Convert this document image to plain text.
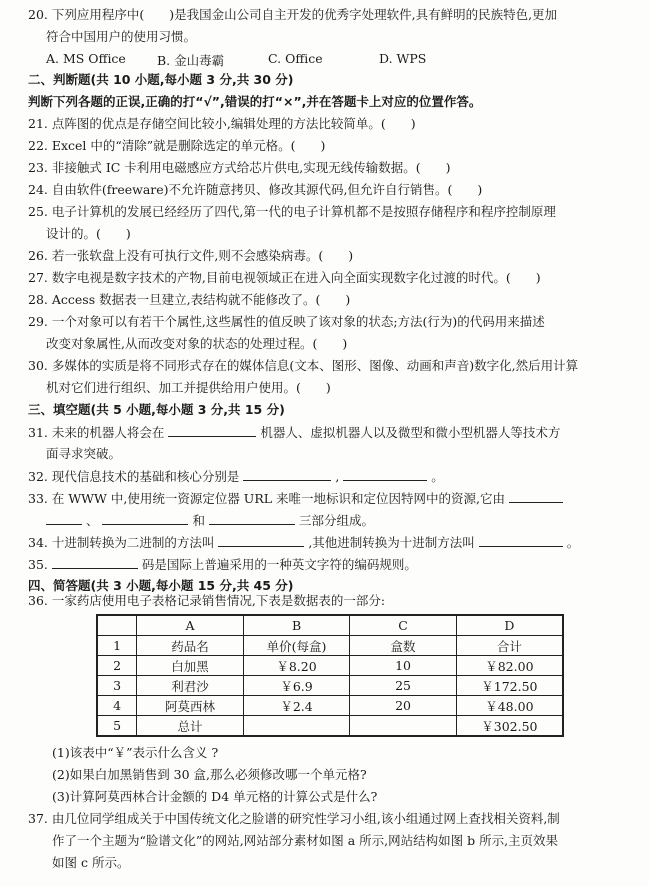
20. 下列应用程序中(　　)是我国金山公司自主开发的优秀字处理软件,具有鲜明的民族特色,更加
符合中国用户的使用习惯。
A. MS Office B. 金山毒霸	C. Office	D. WPS
二、判断题(共 10 小题,每小题 3 分,共 30 分)
判断下列各题的正误,正确的打“√”,错误的打“×”,并在答题卡上对应的位置作答。
21. 点阵图的优点是存储空间比较小,编辑处理的方法比较简单。(　　)
22. Excel 中的“清除”就是删除选定的单元格。(　　)
23. 非接触式 IC 卡利用电磁感应方式给芯片供电,实现无线传输数据。(　　)
24. 自由软件(freeware)不允许随意拷贝、修改其源代码,但允许自行销售。(　　)
25. 电子计算机的发展已经经历了四代,第一代的电子计算机都不是按照存储程序和程序控制原理
设计的。(　　)
26. 若一张软盘上没有可执行文件,则不会感染病毒。(　　)
27. 数字电视是数字技术的产物,目前电视领域正在进入向全面实现数字化过渡的时代。(　　)
28. Access 数据表一旦建立,表结构就不能修改了。(　　)
29. 一个对象可以有若干个属性,这些属性的值反映了该对象的状态;方法(行为)的代码用来描述
改变对象属性,从而改变对象的状态的处理过程。(　　)
30. 多媒体的实质是将不同形式存在的媒体信息(文本、图形、图像、动画和声音)数字化,然后用计算
机对它们进行组织、加工并提供给用户使用。(　　)
三、填空题(共 5 小题,每小题 3 分,共 15 分)
31. 未来的机器人将会在	机器人、虚拟机器人以及微型和微小型机器人等技术方
面寻求突破。
32. 现代信息技术的基础和核心分别是	,	。
33. 在 WWW 中,使用统一资源定位器 URL 来唯一地标识和定位因特网中的资源,它由
、	和	三部分组成。
34. 十进制转换为二进制的方法叫	,其他进制转换为十进制方法叫	。
35.	码是国际上普遍采用的一种英文字符的编码规则。
四、简答题(共 3 小题,每小题 15 分,共 45 分)
36. 一家药店使用电子表格记录销售情况,下表是数据表的一部分:
	A	B	C	D
1	药品名	单价(每盒)	盒数	合计
2	白加黑	￥8.20	10	￥82.00
3	利君沙	￥6.9	25	￥172.50
4	阿莫西林	￥2.4	20	￥48.00
5	总计			￥302.50
(1)该表中“￥”表示什么含义 ?
(2)如果白加黑销售到 30 盒,那么必须修改哪一个单元格?
(3)计算阿莫西林合计金额的 D4 单元格的计算公式是什么?
37. 由几位同学组成关于中国传统文化之脸谱的研究性学习小组,该小组通过网上查找相关资料,制
作了一个主题为“脸谱文化”的网站,网站部分素材如图 a 所示,网站结构如图 b 所示,主页效果
如图 c 所示。
